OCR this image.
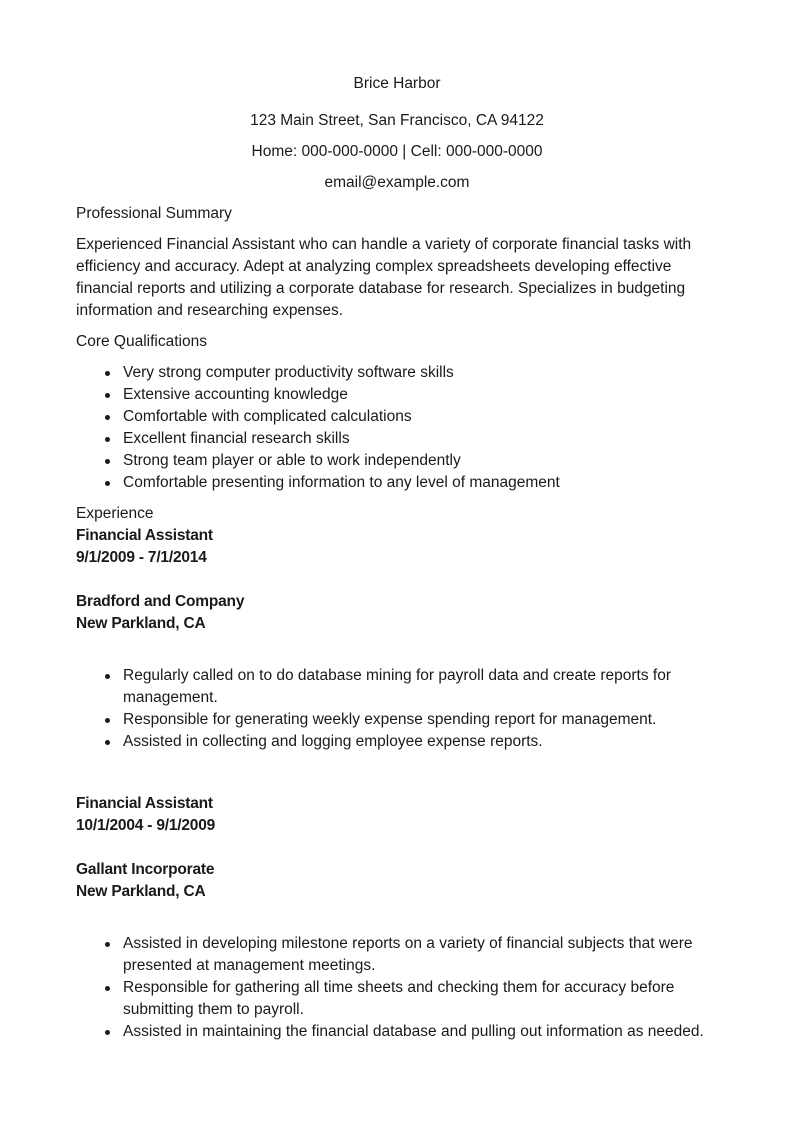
Brice Harbor
123 Main Street, San Francisco, CA 94122
Home: 000-000-0000 | Cell: 000-000-0000
email@example.com
Professional Summary
Experienced Financial Assistant who can handle a variety of corporate financial tasks with efficiency and accuracy. Adept at analyzing complex spreadsheets developing effective financial reports and utilizing a corporate database for research. Specializes in budgeting information and researching expenses.
Core Qualifications
Very strong computer productivity software skills
Extensive accounting knowledge
Comfortable with complicated calculations
Excellent financial research skills
Strong team player or able to work independently
Comfortable presenting information to any level of management
Experience
Financial Assistant
9/1/2009 - 7/1/2014
Bradford and Company
New Parkland, CA
Regularly called on to do database mining for payroll data and create reports for management.
Responsible for generating weekly expense spending report for management.
Assisted in collecting and logging employee expense reports.
Financial Assistant
10/1/2004 - 9/1/2009
Gallant Incorporate
New Parkland, CA
Assisted in developing milestone reports on a variety of financial subjects that were presented at management meetings.
Responsible for gathering all time sheets and checking them for accuracy before submitting them to payroll.
Assisted in maintaining the financial database and pulling out information as needed.
